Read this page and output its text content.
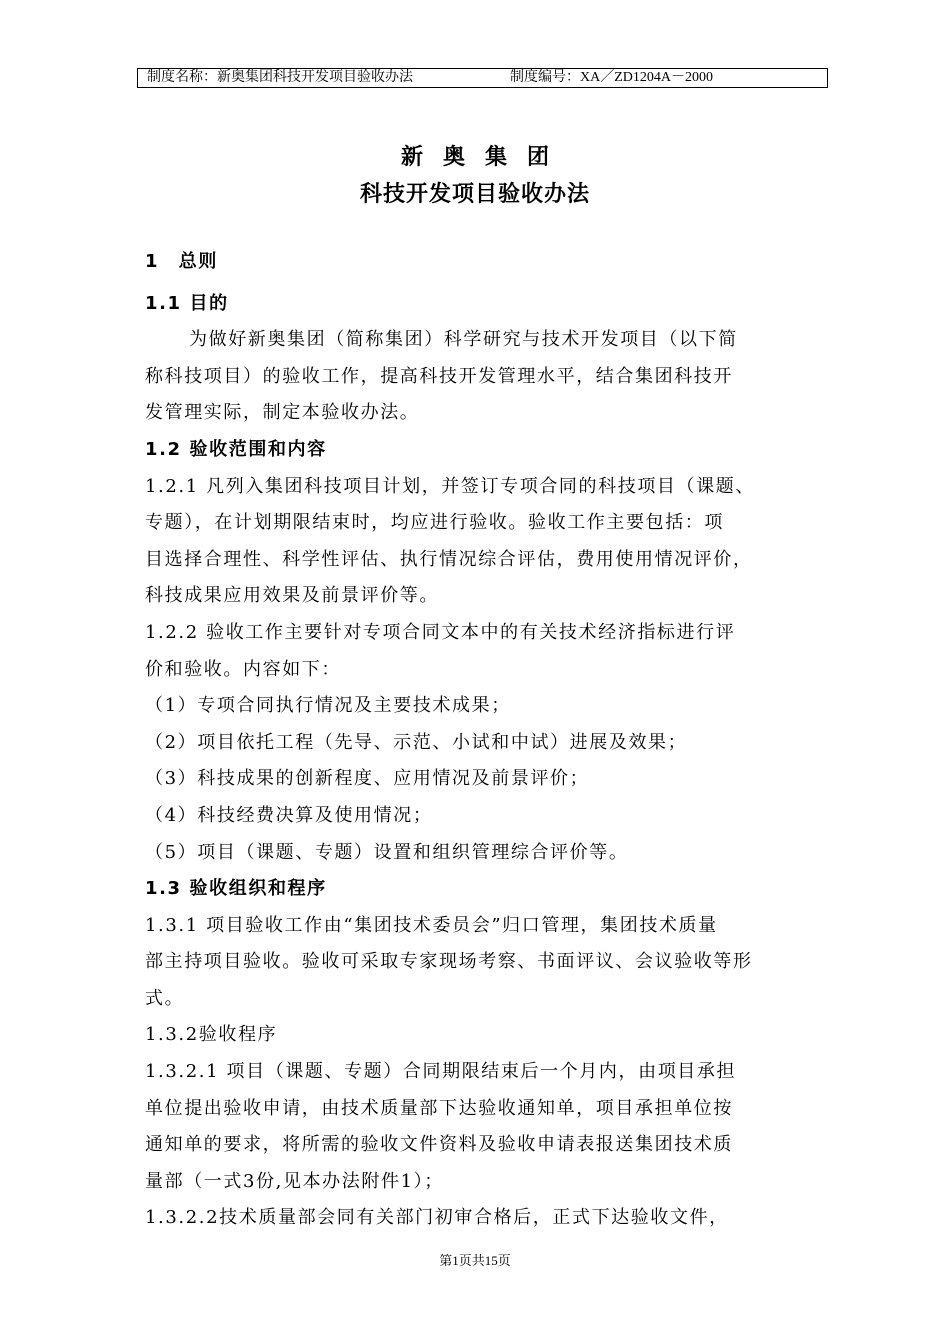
制度名称：新奥集团科技开发项目验收办法	制度编号：XA／ZD1204A－2000
新奥集团
科技开发项目验收办法

1　总则

1.1 目的

为做好新奥集团（简称集团）科学研究与技术开发项目（以下简

称科技项目）的验收工作，提高科技开发管理水平，结合集团科技开

发管理实际，制定本验收办法。

1.2 验收范围和内容

1.2.1 凡列入集团科技项目计划，并签订专项合同的科技项目（课题、

专题），在计划期限结束时，均应进行验收。验收工作主要包括：项

目选择合理性、科学性评估、执行情况综合评估，费用使用情况评价，

科技成果应用效果及前景评价等。

1.2.2 验收工作主要针对专项合同文本中的有关技术经济指标进行评

价和验收。内容如下：

（1）专项合同执行情况及主要技术成果；

（2）项目依托工程（先导、示范、小试和中试）进展及效果；

（3）科技成果的创新程度、应用情况及前景评价；

（4）科技经费决算及使用情况；

（5）项目（课题、专题）设置和组织管理综合评价等。

1.3 验收组织和程序

1.3.1 项目验收工作由“集团技术委员会”归口管理，集团技术质量

部主持项目验收。验收可采取专家现场考察、书面评议、会议验收等形

式。

1.3.2验收程序

1.3.2.1 项目（课题、专题）合同期限结束后一个月内，由项目承担

单位提出验收申请，由技术质量部下达验收通知单，项目承担单位按

通知单的要求，将所需的验收文件资料及验收申请表报送集团技术质

量部（一式3份,见本办法附件1）；

1.3.2.2技术质量部会同有关部门初审合格后，正式下达验收文件，

第1页共15页
